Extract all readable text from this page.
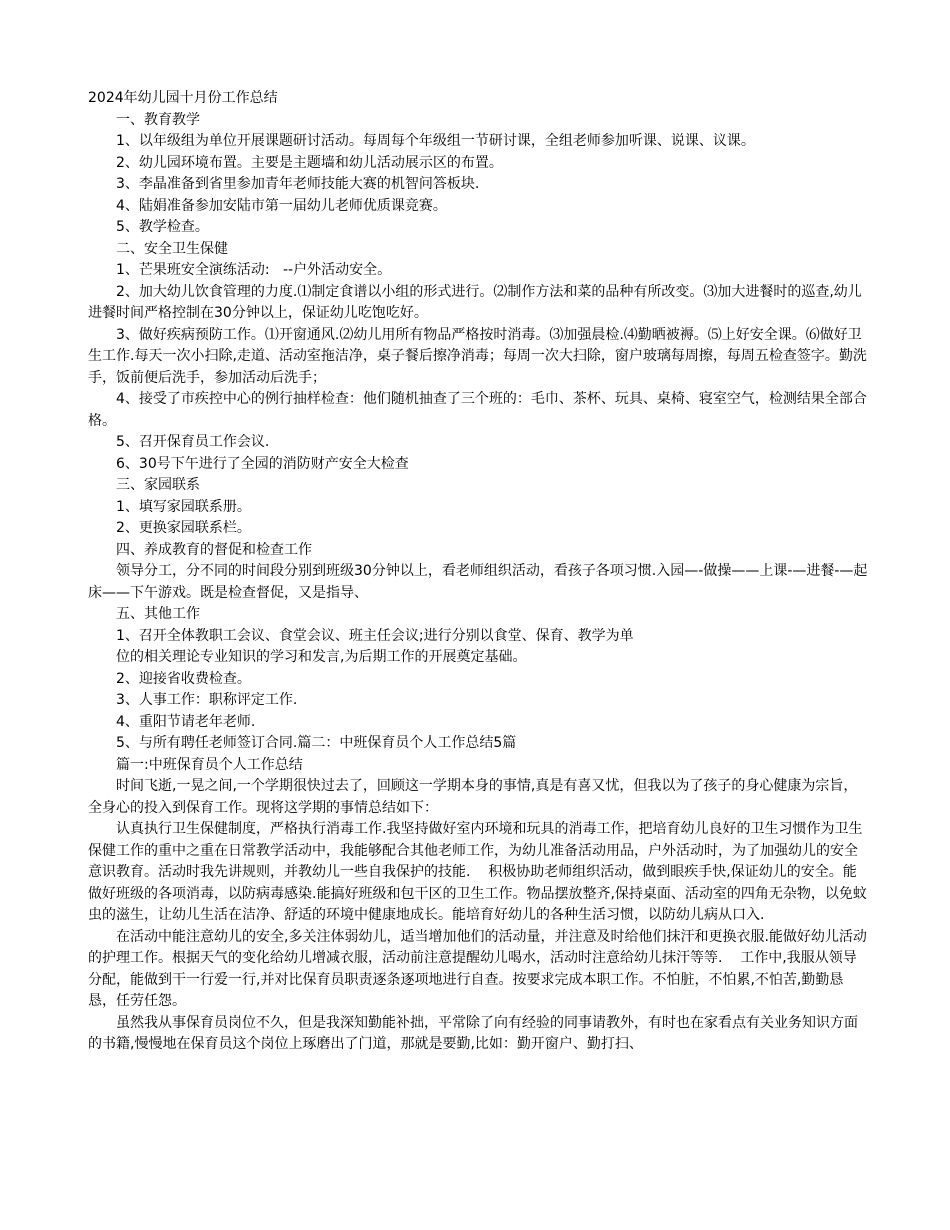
2024年幼儿园十月份工作总结

一、教育教学

1、以年级组为单位开展课题研讨活动。每周每个年级组一节研讨课，全组老师参加听课、说课、议课。

2、幼儿园环境布置。主要是主题墙和幼儿活动展示区的布置。

3、李晶准备到省里参加青年老师技能大赛的机智问答板块.

4、陆娟准备参加安陆市第一届幼儿老师优质课竞赛。

5、教学检查。

二、安全卫生保健

1、芒果班安全演练活动:   --户外活动安全。

2、加大幼儿饮食管理的力度.⑴制定食谱以小组的形式进行。⑵制作方法和菜的品种有所改变。⑶加大进餐时的巡查,幼儿进餐时间严格控制在30分钟以上，保证幼儿吃饱吃好。

3、做好疾病预防工作。⑴开窗通风.⑵幼儿用所有物品严格按时消毒。⑶加强晨检.⑷勤晒被褥。⑸上好安全课。⑹做好卫生工作.每天一次小扫除,走道、活动室拖洁净，桌子餐后擦净消毒；每周一次大扫除，窗户玻璃每周擦，每周五检查签字。勤洗手，饭前便后洗手，参加活动后洗手；

4、接受了市疾控中心的例行抽样检查：他们随机抽查了三个班的：毛巾、茶杯、玩具、桌椅、寝室空气，检测结果全部合格。

5、召开保育员工作会议.

6、30号下午进行了全园的消防财产安全大检查

三、家园联系

1、填写家园联系册。

2、更换家园联系栏。

四、养成教育的督促和检查工作

领导分工，分不同的时间段分别到班级30分钟以上，看老师组织活动，看孩子各项习惯.入园—-做操——上课-—进餐-—起床——下午游戏。既是检查督促，又是指导、

五、其他工作

1、召开全体教职工会议、食堂会议、班主任会议;进行分别以食堂、保育、教学为单

位的相关理论专业知识的学习和发言,为后期工作的开展奠定基础。

2、迎接省收费检查。

3、人事工作：职称评定工作.

4、重阳节请老年老师.

5、与所有聘任老师签订合同.篇二：中班保育员个人工作总结5篇

篇一:中班保育员个人工作总结

时间飞逝,一晃之间,一个学期很快过去了，回顾这一学期本身的事情,真是有喜又忧，但我以为了孩子的身心健康为宗旨，全身心的投入到保育工作。现将这学期的事情总结如下：

认真执行卫生保健制度，严格执行消毒工作.我坚持做好室内环境和玩具的消毒工作，把培育幼儿良好的卫生习惯作为卫生保健工作的重中之重在日常教学活动中，我能够配合其他老师工作，为幼儿准备活动用品，户外活动时，为了加强幼儿的安全意识教育。活动时我先讲规则，并教幼儿一些自我保护的技能.    积极协助老师组织活动，做到眼疾手快,保证幼儿的安全。能做好班级的各项消毒，以防病毒感染.能搞好班级和包干区的卫生工作。物品摆放整齐,保持桌面、活动室的四角无杂物，以免蚊虫的滋生，让幼儿生活在洁净、舒适的环境中健康地成长。能培育好幼儿的各种生活习惯，以防幼儿病从口入.

在活动中能注意幼儿的安全,多关注体弱幼儿，适当增加他们的活动量，并注意及时给他们抹汗和更换衣服.能做好幼儿活动的护理工作。根据天气的变化给幼儿增减衣服，活动前注意提醒幼儿喝水，活动时注意给幼儿抹汗等等.    工作中,我服从领导分配，能做到干一行爱一行,并对比保育员职责逐条逐项地进行自查。按要求完成本职工作。不怕脏，不怕累,不怕苦,勤勤恳恳，任劳任怨。

虽然我从事保育员岗位不久，但是我深知勤能补拙，平常除了向有经验的同事请教外，有时也在家看点有关业务知识方面的书籍,慢慢地在保育员这个岗位上琢磨出了门道，那就是要勤,比如：勤开窗户、勤打扫、
